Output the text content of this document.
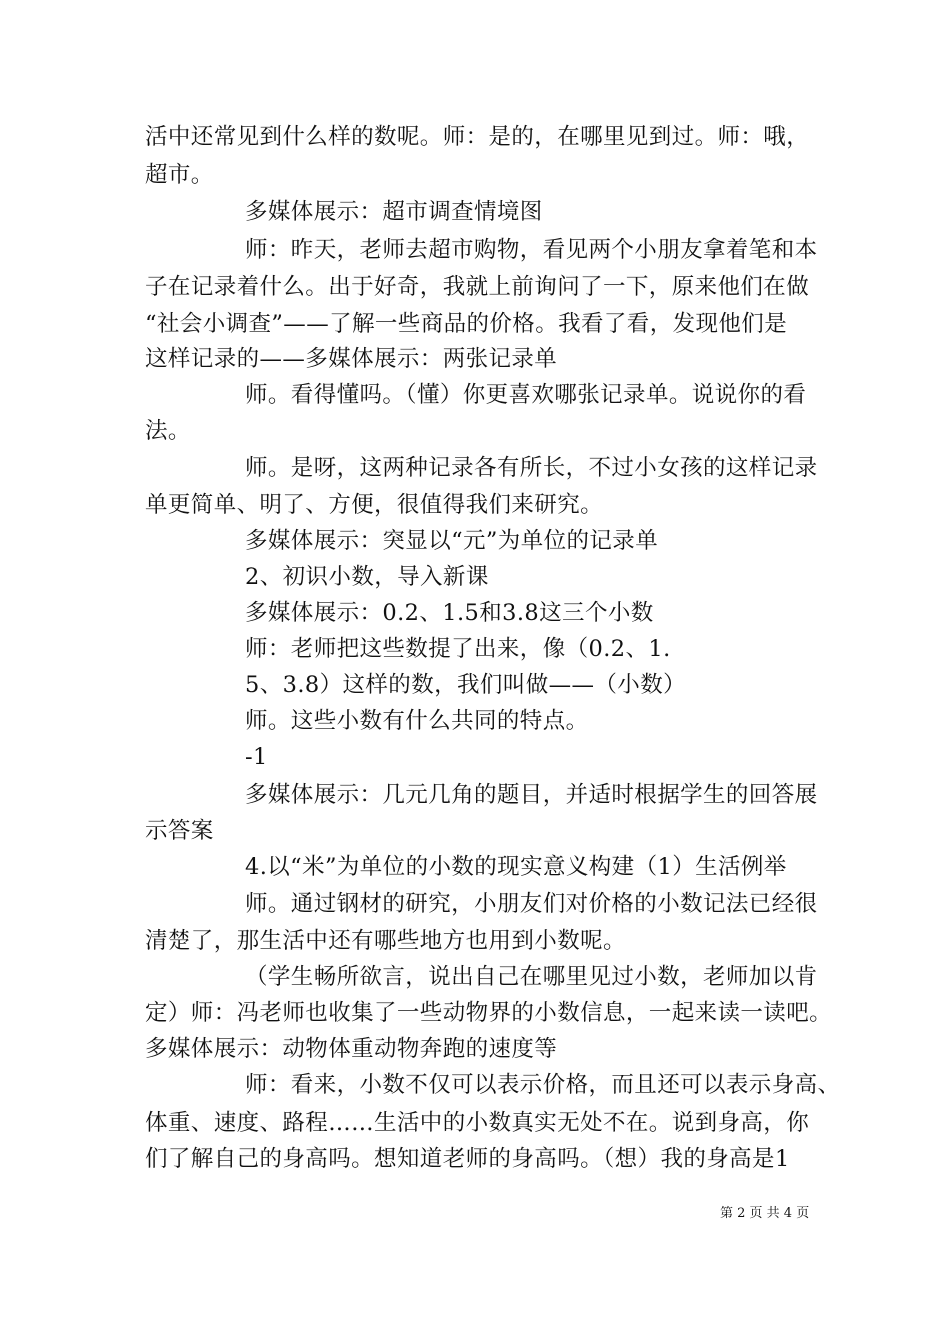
活中还常见到什么样的数呢。师：是的，在哪里见到过。师：哦，
超市。
多媒体展示：超市调查情境图
师：昨天，老师去超市购物，看见两个小朋友拿着笔和本
子在记录着什么。出于好奇，我就上前询问了一下，原来他们在做
“社会小调查”——了解一些商品的价格。我看了看，发现他们是
这样记录的——多媒体展示：两张记录单
师。看得懂吗。（懂）你更喜欢哪张记录单。说说你的看
法。
师。是呀，这两种记录各有所长，不过小女孩的这样记录
单更简单、明了、方便，很值得我们来研究。
多媒体展示：突显以“元”为单位的记录单
2、初识小数，导入新课
多媒体展示：0.2、1.5和3.8这三个小数
师：老师把这些数提了出来，像（0.2、1.
5、3.8）这样的数，我们叫做——（小数）
师。这些小数有什么共同的特点。
-1
多媒体展示：几元几角的题目，并适时根据学生的回答展
示答案
4.以“米”为单位的小数的现实意义构建（1）生活例举
师。通过钢材的研究，小朋友们对价格的小数记法已经很
清楚了，那生活中还有哪些地方也用到小数呢。
（学生畅所欲言，说出自己在哪里见过小数，老师加以肯
定）师：冯老师也收集了一些动物界的小数信息，一起来读一读吧。
多媒体展示：动物体重动物奔跑的速度等
师：看来，小数不仅可以表示价格，而且还可以表示身高、
体重、速度、路程……生活中的小数真实无处不在。说到身高，你
们了解自己的身高吗。想知道老师的身高吗。（想）我的身高是1
第 2 页 共 4 页
